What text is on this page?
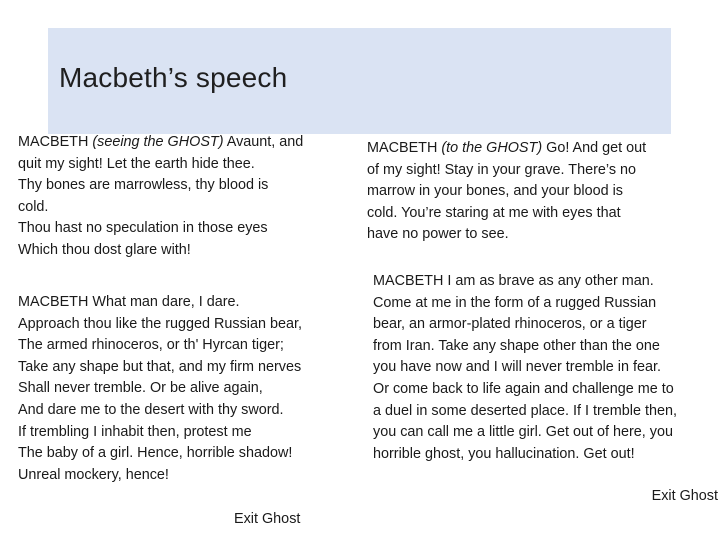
Macbeth’s speech
MACBETH (seeing the GHOST) Avaunt, and
quit my sight! Let the earth hide thee.
Thy bones are marrowless, thy blood is
cold.
Thou hast no speculation in those eyes
Which thou dost glare with!
MACBETH What man dare, I dare.
Approach thou like the rugged Russian bear,
The armed rhinoceros, or th' Hyrcan tiger;
Take any shape but that, and my firm nerves
Shall never tremble. Or be alive again,
And dare me to the desert with thy sword.
If trembling I inhabit then, protest me
The baby of a girl. Hence, horrible shadow!
Unreal mockery, hence!
Exit Ghost
MACBETH (to the GHOST) Go! And get out
of my sight! Stay in your grave. There’s no
marrow in your bones, and your blood is
cold. You’re staring at me with eyes that
have no power to see.
MACBETH I am as brave as any other man.
Come at me in the form of a rugged Russian
bear, an armor-plated rhinoceros, or a tiger
from Iran. Take any shape other than the one
you have now and I will never tremble in fear.
Or come back to life again and challenge me to
a duel in some deserted place. If I tremble then,
you can call me a little girl. Get out of here, you
horrible ghost, you hallucination. Get out!
Exit Ghost
